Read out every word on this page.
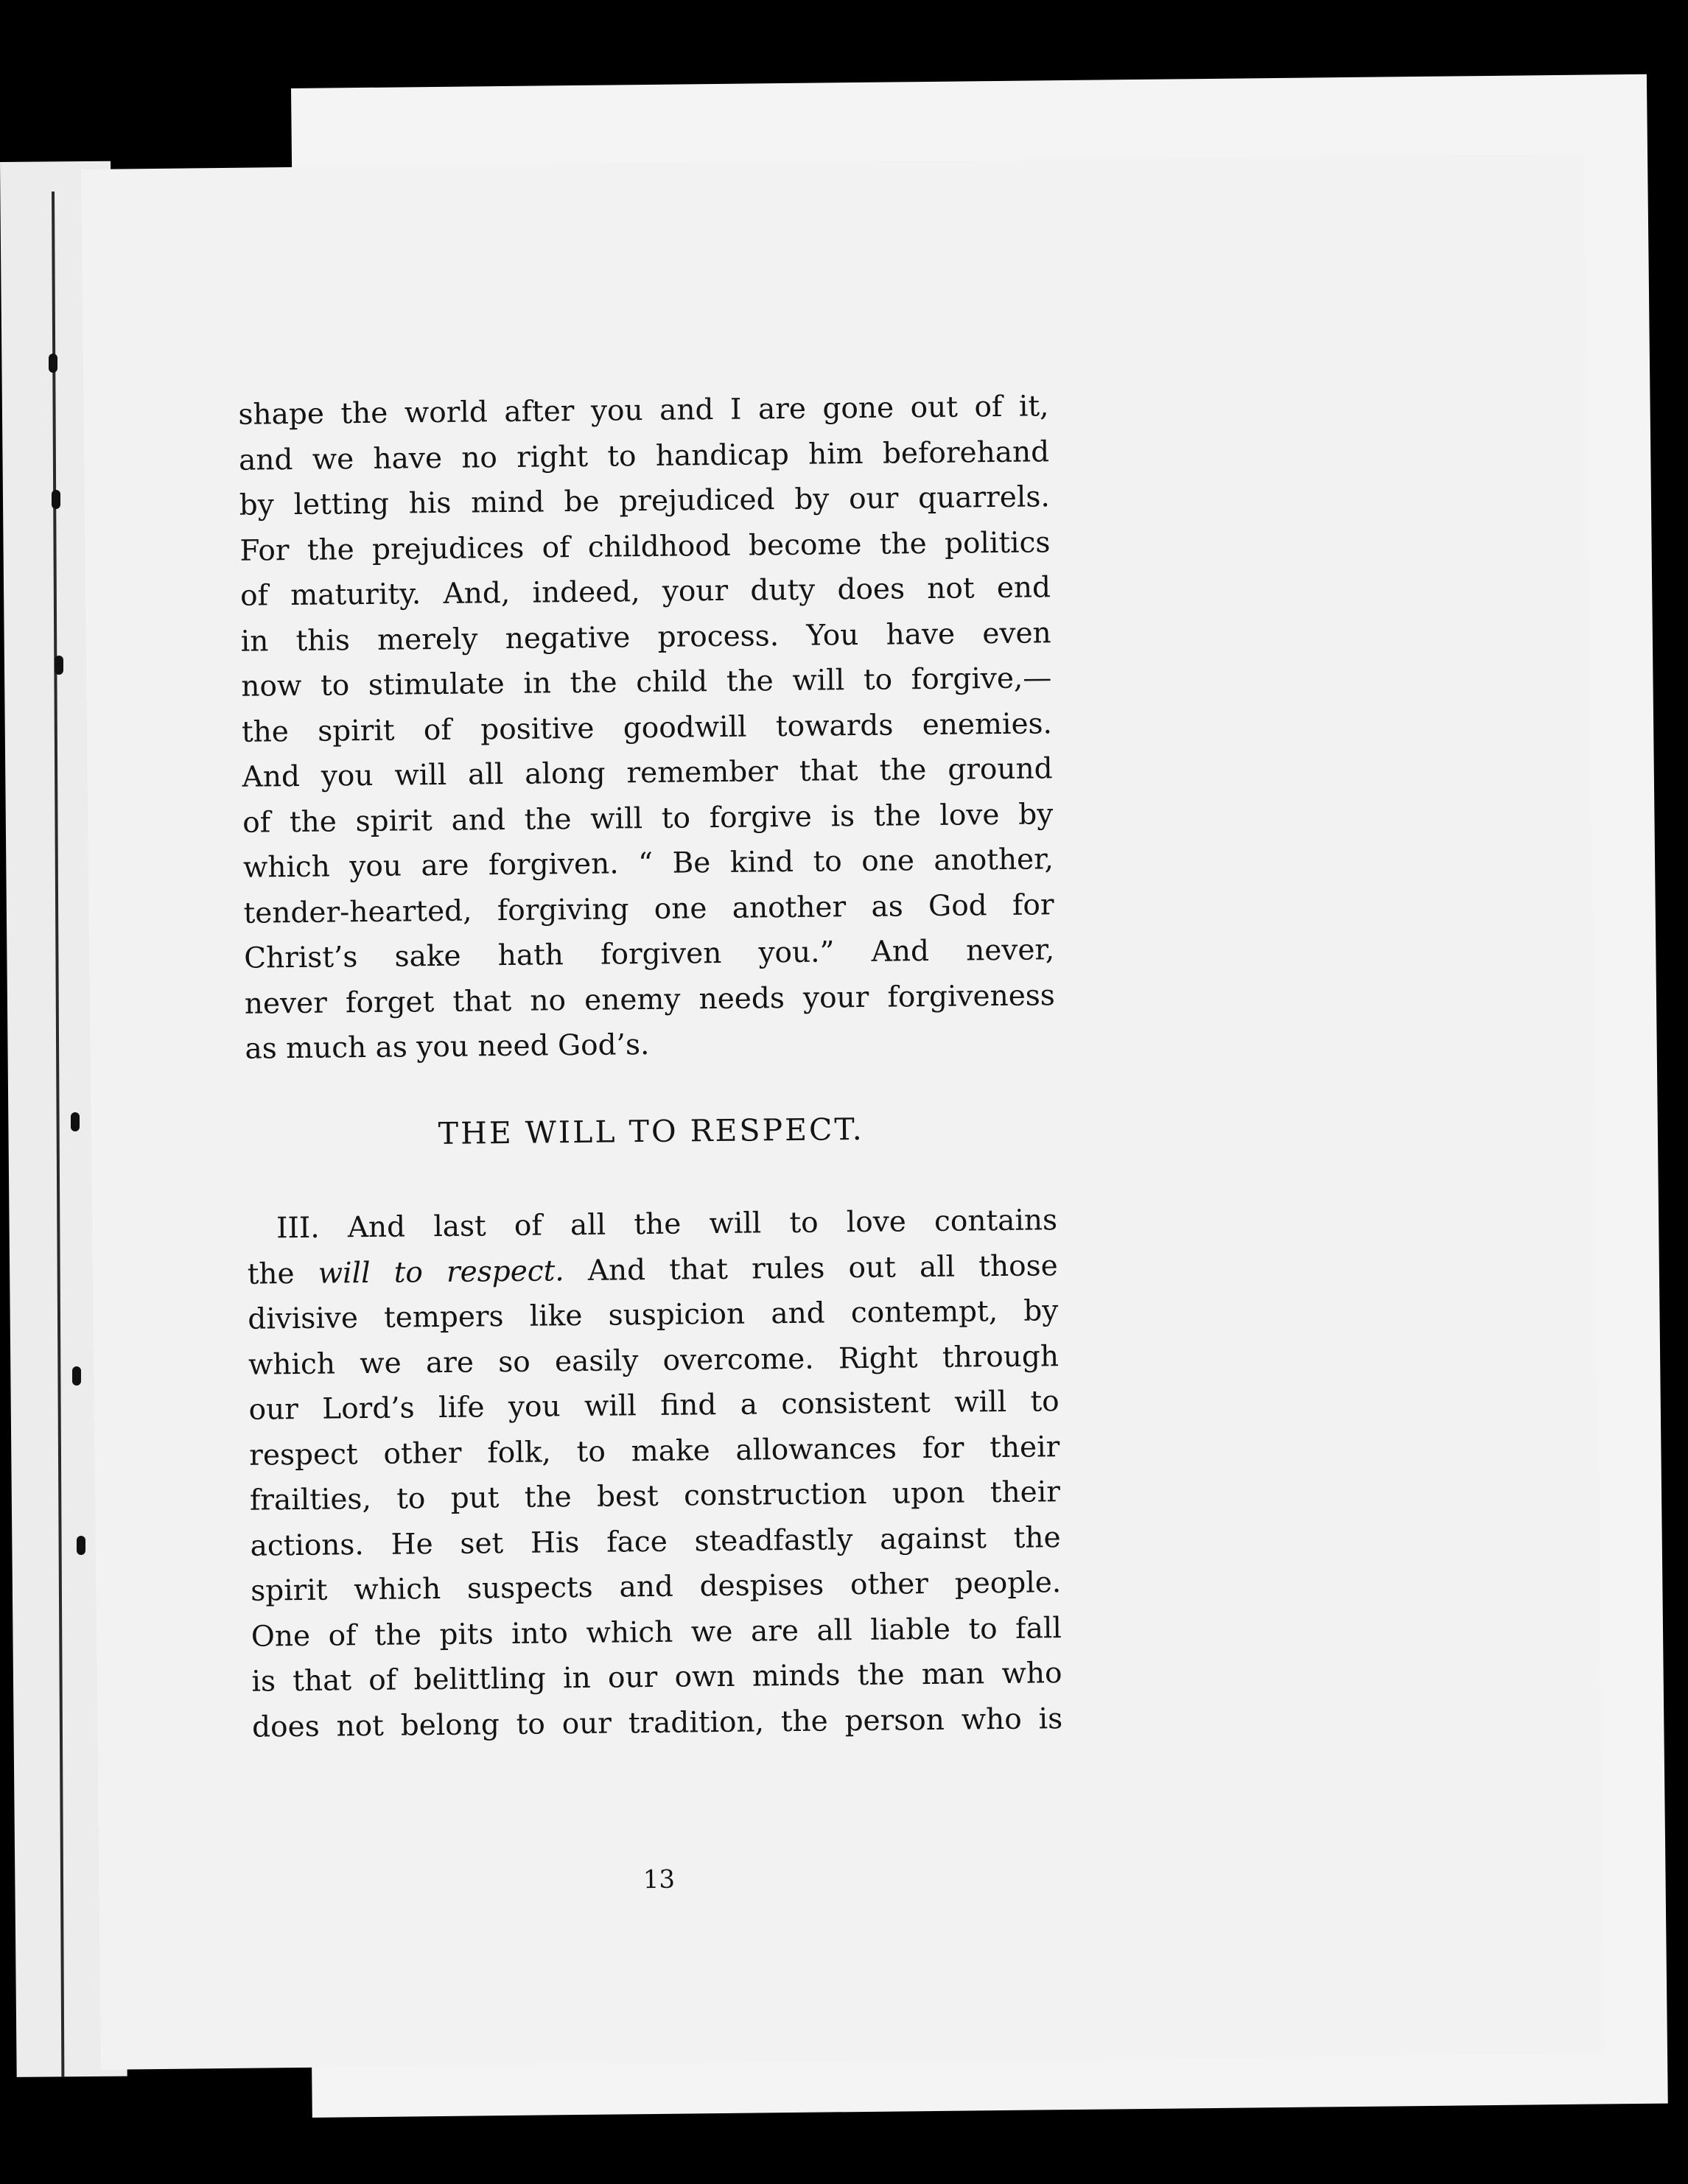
shape the world after you and I are gone out of it,
and we have no right to handicap him beforehand
by letting his mind be prejudiced by our quarrels.
For the prejudices of childhood become the politics
of maturity. And, indeed, your duty does not end
in this merely negative process. You have even
now to stimulate in the child the will to forgive,—
the spirit of positive goodwill towards enemies.
And you will all along remember that the ground
of the spirit and the will to forgive is the love by
which you are forgiven. “ Be kind to one another,
tender-hearted, forgiving one another as God for
Christ’s sake hath forgiven you.” And never,
never forget that no enemy needs your forgiveness
as much as you need God’s.
THE WILL TO RESPECT.
III. And last of all the will to love contains
the will to respect. And that rules out all those
divisive tempers like suspicion and contempt, by
which we are so easily overcome. Right through
our Lord’s life you will find a consistent will to
respect other folk, to make allowances for their
frailties, to put the best construction upon their
actions. He set His face steadfastly against the
spirit which suspects and despises other people.
One of the pits into which we are all liable to fall
is that of belittling in our own minds the man who
does not belong to our tradition, the person who is
13
